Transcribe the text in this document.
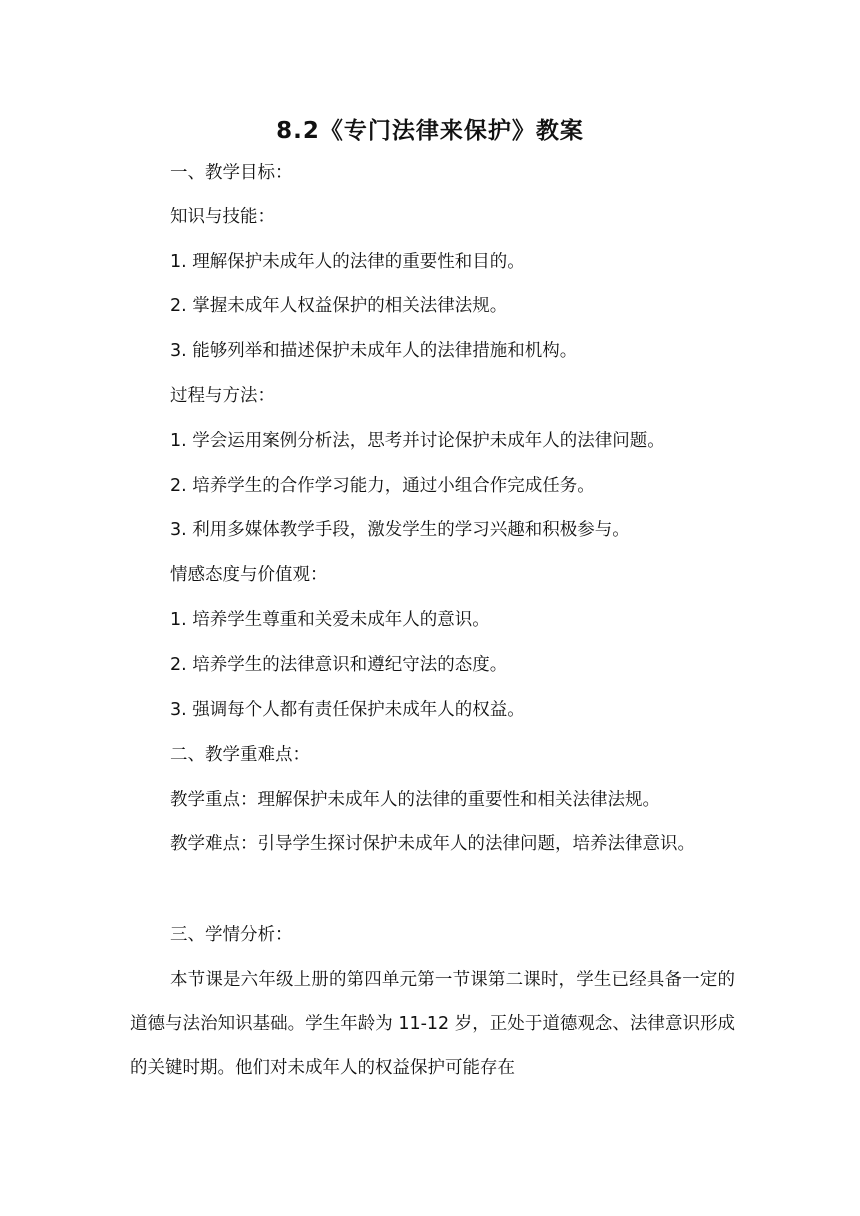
8.2《专门法律来保护》教案
一、教学目标：
知识与技能：
1. 理解保护未成年人的法律的重要性和目的。
2. 掌握未成年人权益保护的相关法律法规。
3. 能够列举和描述保护未成年人的法律措施和机构。
过程与方法：
1. 学会运用案例分析法，思考并讨论保护未成年人的法律问题。
2. 培养学生的合作学习能力，通过小组合作完成任务。
3. 利用多媒体教学手段，激发学生的学习兴趣和积极参与。
情感态度与价值观：
1. 培养学生尊重和关爱未成年人的意识。
2. 培养学生的法律意识和遵纪守法的态度。
3. 强调每个人都有责任保护未成年人的权益。
二、教学重难点：
教学重点：理解保护未成年人的法律的重要性和相关法律法规。
教学难点：引导学生探讨保护未成年人的法律问题，培养法律意识。
三、学情分析：
本节课是六年级上册的第四单元第一节课第二课时，学生已经具备一定的道德与法治知识基础。学生年龄为 11-12 岁，正处于道德观念、法律意识形成的关键时期。他们对未成年人的权益保护可能存在
